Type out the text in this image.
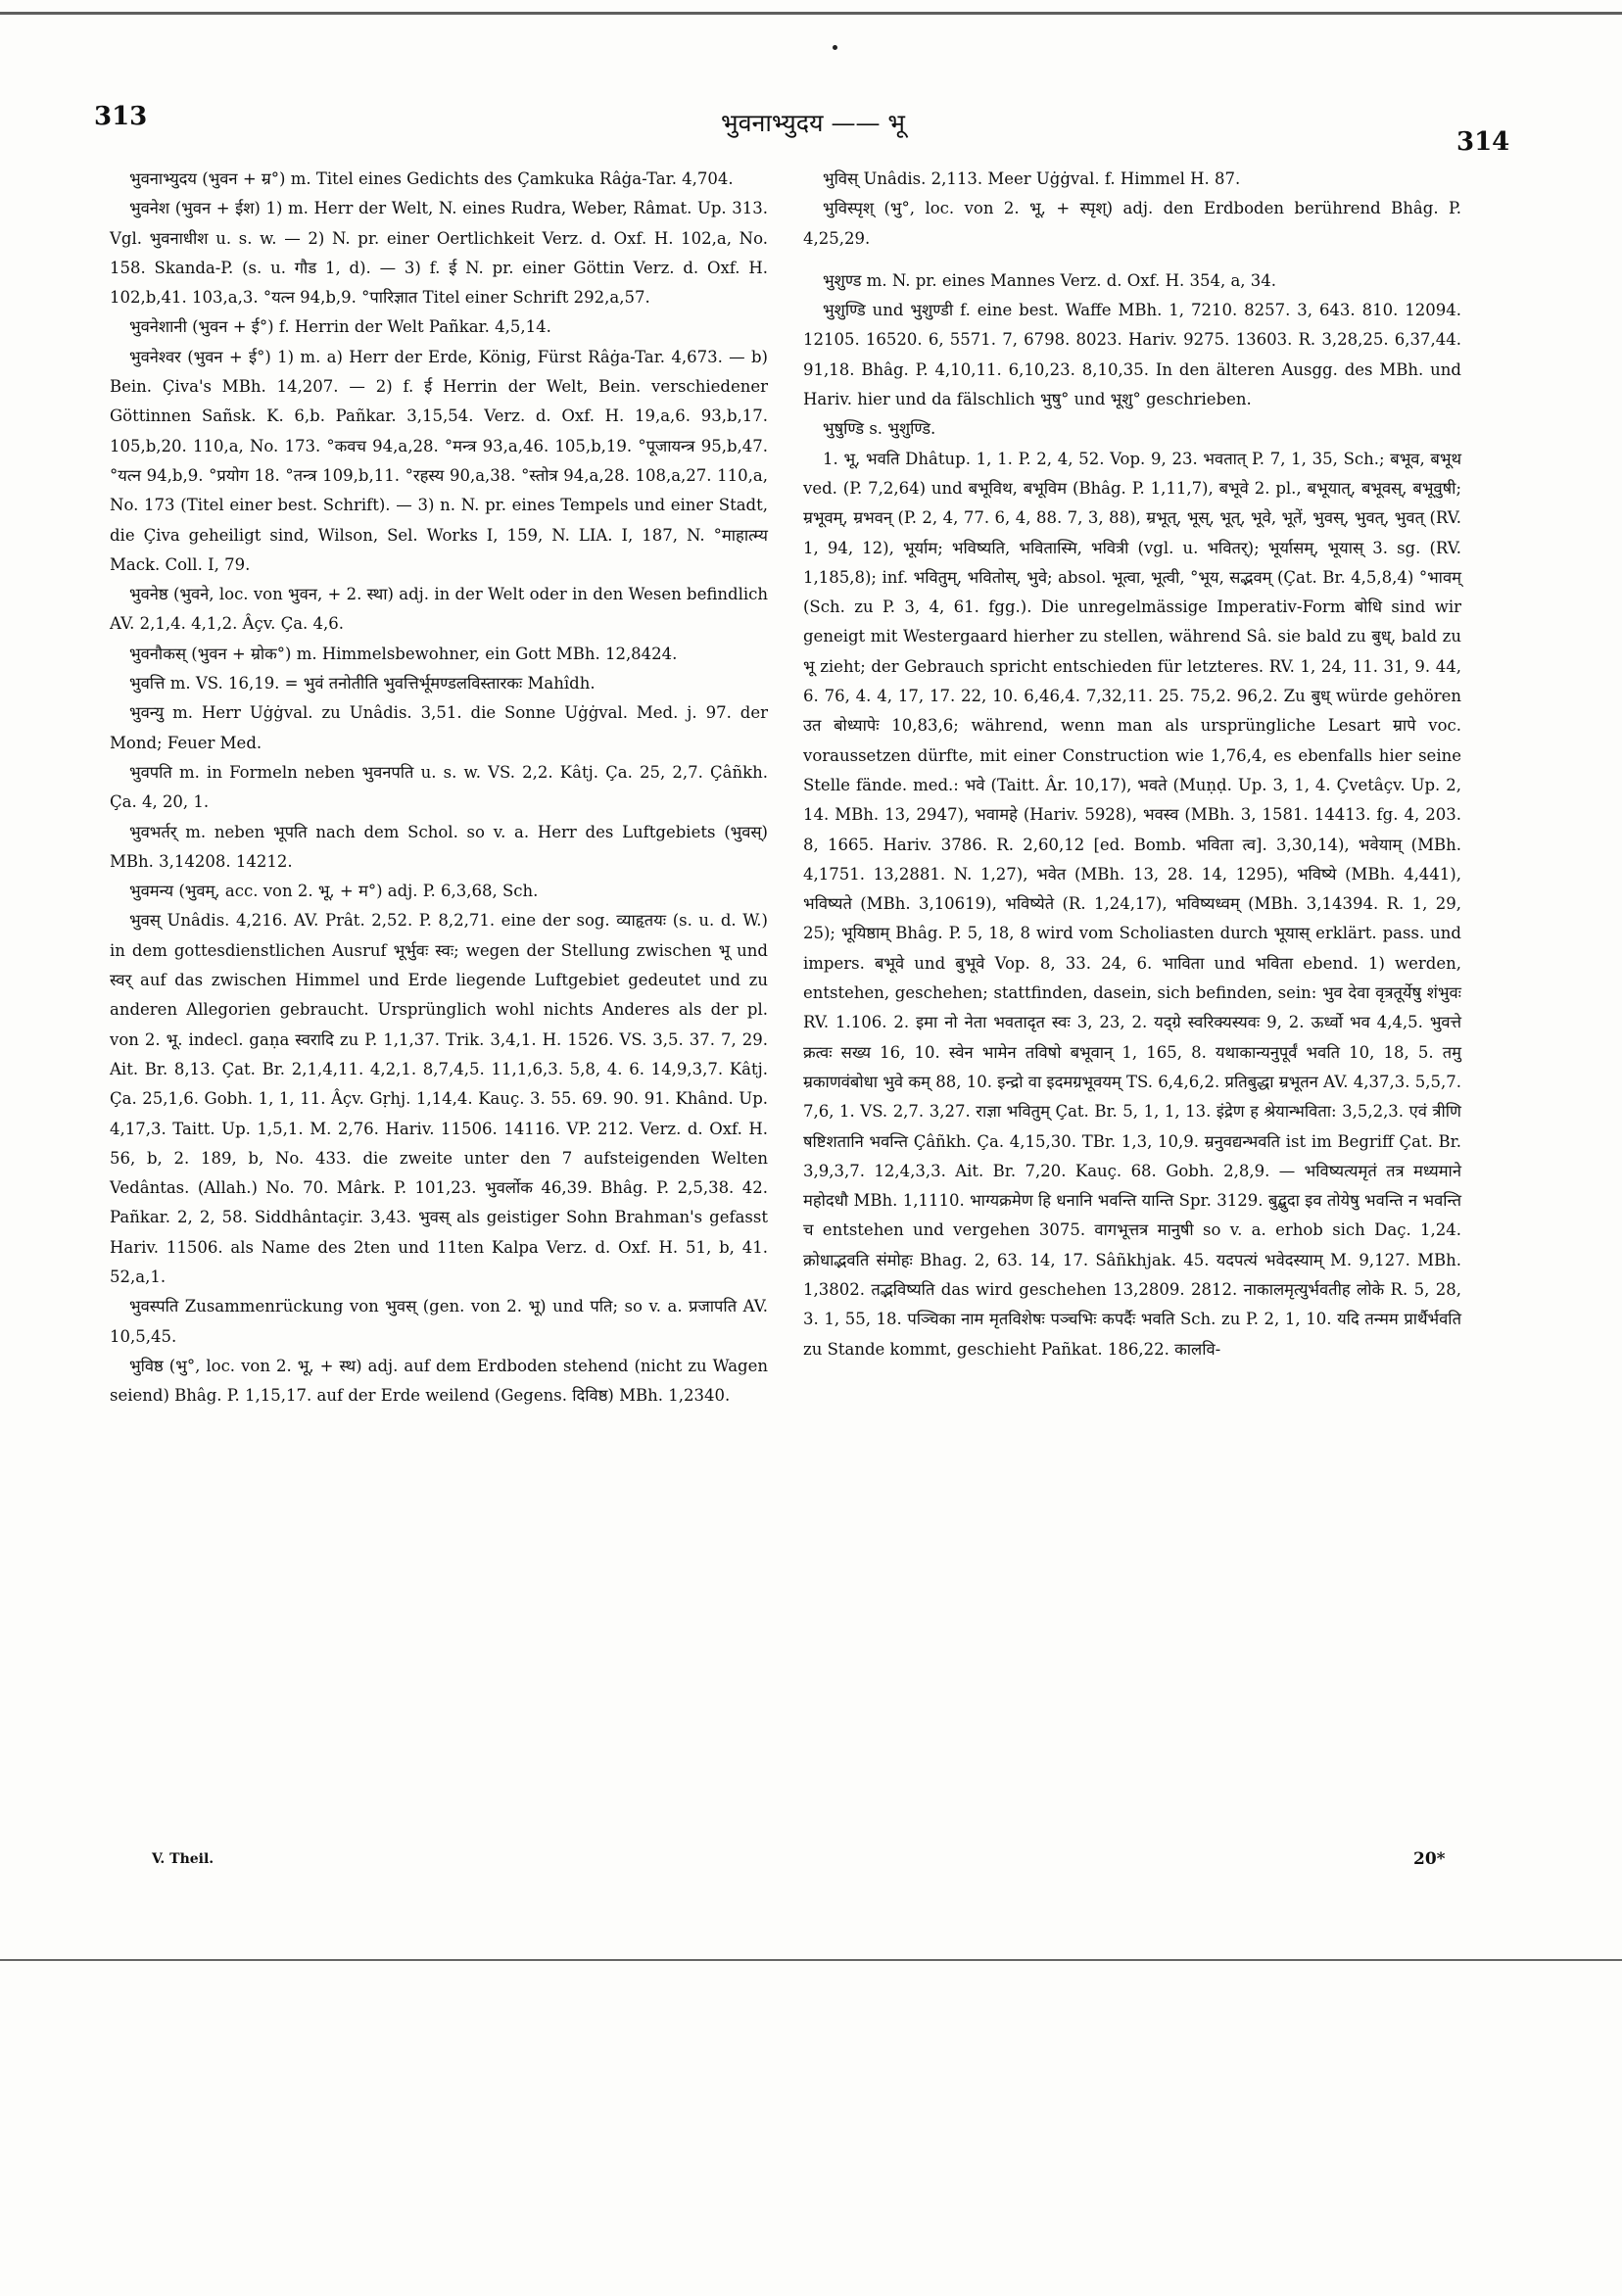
313	भुवनाभ्युदय —— भू
314

भुवनाभ्युदय (भुवन + म्र°) m. Titel eines Gedichts des Çamkuka Râġa-Tar. 4,704.

भुवनेश (भुवन + ईश) 1) m. Herr der Welt, N. eines Rudra, Weber, Râmat. Up. 313. Vgl. भुवनाधीश u. s. w. — 2) N. pr. einer Oertlichkeit Verz. d. Oxf. H. 102,a, No. 158. Skanda-P. (s. u. गौड 1, d). — 3) f. ई N. pr. einer Göttin Verz. d. Oxf. H. 102,b,41. 103,a,3. °यत्न 94,b,9. °पारिज्ञात Titel einer Schrift 292,a,57.

भुवनेशानी (भुवन + ई°) f. Herrin der Welt Pañkar. 4,5,14.

भुवनेश्वर (भुवन + ई°) 1) m. a) Herr der Erde, König, Fürst Râġa-Tar. 4,673. — b) Bein. Çiva's MBh. 14,207. — 2) f. ई Herrin der Welt, Bein. verschiedener Göttinnen Sañsk. K. 6,b. Pañkar. 3,15,54. Verz. d. Oxf. H. 19,a,6. 93,b,17. 105,b,20. 110,a, No. 173. °कवच 94,a,28. °मन्त्र 93,a,46. 105,b,19. °पूजायन्त्र 95,b,47. °यत्न 94,b,9. °प्रयोग 18. °तन्त्र 109,b,11. °रहस्य 90,a,38. °स्तोत्र 94,a,28. 108,a,27. 110,a, No. 173 (Titel einer best. Schrift). — 3) n. N. pr. eines Tempels und einer Stadt, die Çiva geheiligt sind, Wilson, Sel. Works I, 159, N. LIA. I, 187, N. °माहात्म्य Mack. Coll. I, 79.

भुवनेष्ठ (भुवने, loc. von भुवन, + 2. स्था) adj. in der Welt oder in den Wesen befindlich AV. 2,1,4. 4,1,2. Âçv. Ça. 4,6.

भुवनौकस् (भुवन + म्रोक°) m. Himmelsbewohner, ein Gott MBh. 12,8424.

भुवत्ति m. VS. 16,19. = भुवं तनोतीति भुवत्तिर्भूमण्डलविस्तारकः Mahîdh.

भुवन्यु m. Herr Uġġval. zu Unâdis. 3,51. die Sonne Uġġval. Med. j. 97. der Mond; Feuer Med.

भुवपति m. in Formeln neben भुवनपति u. s. w. VS. 2,2. Kâtj. Ça. 25, 2,7. Çâñkh. Ça. 4, 20, 1.

भुवभर्तर् m. neben भूपति nach dem Schol. so v. a. Herr des Luftgebiets (भुवस्) MBh. 3,14208. 14212.

भुवमन्य (भुवम्, acc. von 2. भू, + म°) adj. P. 6,3,68, Sch.

भुवस् Unâdis. 4,216. AV. Prât. 2,52. P. 8,2,71. eine der sog. व्याहृतयः (s. u. d. W.) in dem gottesdienstlichen Ausruf भूर्भुवः स्वः; wegen der Stellung zwischen भू und स्वर् auf das zwischen Himmel und Erde liegende Luftgebiet gedeutet und zu anderen Allegorien gebraucht. Ursprünglich wohl nichts Anderes als der pl. von 2. भू. indecl. gaṇa स्वरादि zu P. 1,1,37. Trik. 3,4,1. H. 1526. VS. 3,5. 37. 7, 29. Ait. Br. 8,13. Çat. Br. 2,1,4,11. 4,2,1. 8,7,4,5. 11,1,6,3. 5,8, 4. 6. 14,9,3,7. Kâtj. Ça. 25,1,6. Gobh. 1, 1, 11. Âçv. Gṛhj. 1,14,4. Kauç. 3. 55. 69. 90. 91. Khând. Up. 4,17,3. Taitt. Up. 1,5,1. M. 2,76. Hariv. 11506. 14116. VP. 212. Verz. d. Oxf. H. 56, b, 2. 189, b, No. 433. die zweite unter den 7 aufsteigenden Welten Vedântas. (Allah.) No. 70. Mârk. P. 101,23. भुवर्लोक 46,39. Bhâg. P. 2,5,38. 42. Pañkar. 2, 2, 58. Siddhântaçir. 3,43. भुवस् als geistiger Sohn Brahman's gefasst Hariv. 11506. als Name des 2ten und 11ten Kalpa Verz. d. Oxf. H. 51, b, 41. 52,a,1.

भुवस्पति Zusammenrückung von भुवस् (gen. von 2. भू) und पति; so v. a. प्रजापति AV. 10,5,45.

भुविष्ठ (भु°, loc. von 2. भू, + स्थ) adj. auf dem Erdboden stehend (nicht zu Wagen seiend) Bhâg. P. 1,15,17. auf der Erde weilend (Gegens. दिविष्ठ) MBh. 1,2340.

भुविस् Unâdis. 2,113. Meer Uġġval. f. Himmel H. 87.

भुविस्पृश् (भु°, loc. von 2. भू, + स्पृश्) adj. den Erdboden berührend Bhâg. P. 4,25,29.

भुशुण्ड m. N. pr. eines Mannes Verz. d. Oxf. H. 354, a, 34.

भुशुण्डि und भुशुण्डी f. eine best. Waffe MBh. 1, 7210. 8257. 3, 643. 810. 12094. 12105. 16520. 6, 5571. 7, 6798. 8023. Hariv. 9275. 13603. R. 3,28,25. 6,37,44. 91,18. Bhâg. P. 4,10,11. 6,10,23. 8,10,35. In den älteren Ausgg. des MBh. und Hariv. hier und da fälschlich भुषु° und भूशु° geschrieben.

भुषुण्डि s. भुशुण्डि.

1. भू, भवति Dhâtup. 1, 1. P. 2, 4, 52. Vop. 9, 23. भवतात् P. 7, 1, 35, Sch.; बभूव, बभूथ ved. (P. 7,2,64) und बभूविथ, बभूविम (Bhâg. P. 1,11,7), बभूवे 2. pl., बभूयात्, बभूवस्, बभूवुषी; म्रभूवम्, म्रभवन् (P. 2, 4, 77. 6, 4, 88. 7, 3, 88), म्रभूत्, भूस्, भूत्, भूवे, भूतें, भुवस्, भुवत्, भुवत् (RV. 1, 94, 12), भूर्याम; भविष्यति, भवितास्मि, भवित्री (vgl. u. भवितर्); भूर्यासम्, भूयास् 3. sg. (RV. 1,185,8); inf. भवितुम्, भवितोस्, भुवे; absol. भूत्वा, भूत्वी, °भूय, सद्भवम् (Çat. Br. 4,5,8,4) °भावम् (Sch. zu P. 3, 4, 61. fgg.). Die unregelmässige Imperativ-Form बोधि sind wir geneigt mit Westergaard hierher zu stellen, während Sâ. sie bald zu बुध्, bald zu भू zieht; der Gebrauch spricht entschieden für letzteres. RV. 1, 24, 11. 31, 9. 44, 6. 76, 4. 4, 17, 17. 22, 10. 6,46,4. 7,32,11. 25. 75,2. 96,2. Zu बुध् würde gehören उत बोध्यापेः 10,83,6; während, wenn man als ursprüngliche Lesart म्रापे voc. voraussetzen dürfte, mit einer Construction wie 1,76,4, es ebenfalls hier seine Stelle fände. med.: भवे (Taitt. Âr. 10,17), भवते (Muṇḍ. Up. 3, 1, 4. Çvetâçv. Up. 2, 14. MBh. 13, 2947), भवामहे (Hariv. 5928), भवस्व (MBh. 3, 1581. 14413. fg. 4, 203. 8, 1665. Hariv. 3786. R. 2,60,12 [ed. Bomb. भविता त्व]. 3,30,14), भवेयाम् (MBh. 4,1751. 13,2881. N. 1,27), भवेत (MBh. 13, 28. 14, 1295), भविष्ये (MBh. 4,441), भविष्यते (MBh. 3,10619), भविष्येते (R. 1,24,17), भविष्यध्वम् (MBh. 3,14394. R. 1, 29, 25); भूयिष्ठाम् Bhâg. P. 5, 18, 8 wird vom Scholiasten durch भूयास् erklärt. pass. und impers. बभूवे und बुभूवे Vop. 8, 33. 24, 6. भाविता und भविता ebend. 1) werden, entstehen, geschehen; stattfinden, dasein, sich befinden, sein: भुव देवा वृत्रतूर्येषु शंभुवः RV. 1.106. 2. इमा नो नेता भवतादृत स्वः 3, 23, 2. यद्ग्रे स्वरिक्यस्यवः 9, 2. ऊर्ध्वो भव 4,4,5. भुवत्ते क्रत्वः सख्य 16, 10. स्वेन भामेन तविषो बभूवान् 1, 165, 8. यथाकान्यनुपूर्वं भवति 10, 18, 5. तमु म्रकाणवंबोधा भुवे कम् 88, 10. इन्द्रो वा इदमग्रभूवयम् TS. 6,4,6,2. प्रतिबुद्धा म्रभूतन AV. 4,37,3. 5,5,7. 7,6, 1. VS. 2,7. 3,27. राज्ञा भवितुम् Çat. Br. 5, 1, 1, 13. इंद्रेण ह श्रेयान्भविता: 3,5,2,3. एवं त्रीणि षष्टिशतानि भवन्ति Çâñkh. Ça. 4,15,30. TBr. 1,3, 10,9. म्रनुवद्यन्भवति ist im Begriff Çat. Br. 3,9,3,7. 12,4,3,3. Ait. Br. 7,20. Kauç. 68. Gobh. 2,8,9. — भविष्यत्यमृतं तत्र मध्यमाने महोदधौ MBh. 1,1110. भाग्यक्रमेण हि धनानि भवन्ति यान्ति Spr. 3129. बुद्बुदा इव तोयेषु भवन्ति न भवन्ति च entstehen und vergehen 3075. वागभूत्तत्र मानुषी so v. a. erhob sich Daç. 1,24. क्रोधाद्भवति संमोहः Bhag. 2, 63. 14, 17. Sâñkhjak. 45. यदपत्यं भवेदस्याम् M. 9,127. MBh. 1,3802. तद्भविष्यति das wird geschehen 13,2809. 2812. नाकालमृत्युर्भवतीह लोके R. 5, 28, 3. 1, 55, 18. पञ्चिका नाम मृतविशेषः पञ्चभिः कपर्दैः भवति Sch. zu P. 2, 1, 10. यदि तन्मम प्रार्थैर्भवति zu Stande kommt, geschieht Pañkat. 186,22. कालवि-

V. Theil.	20*
